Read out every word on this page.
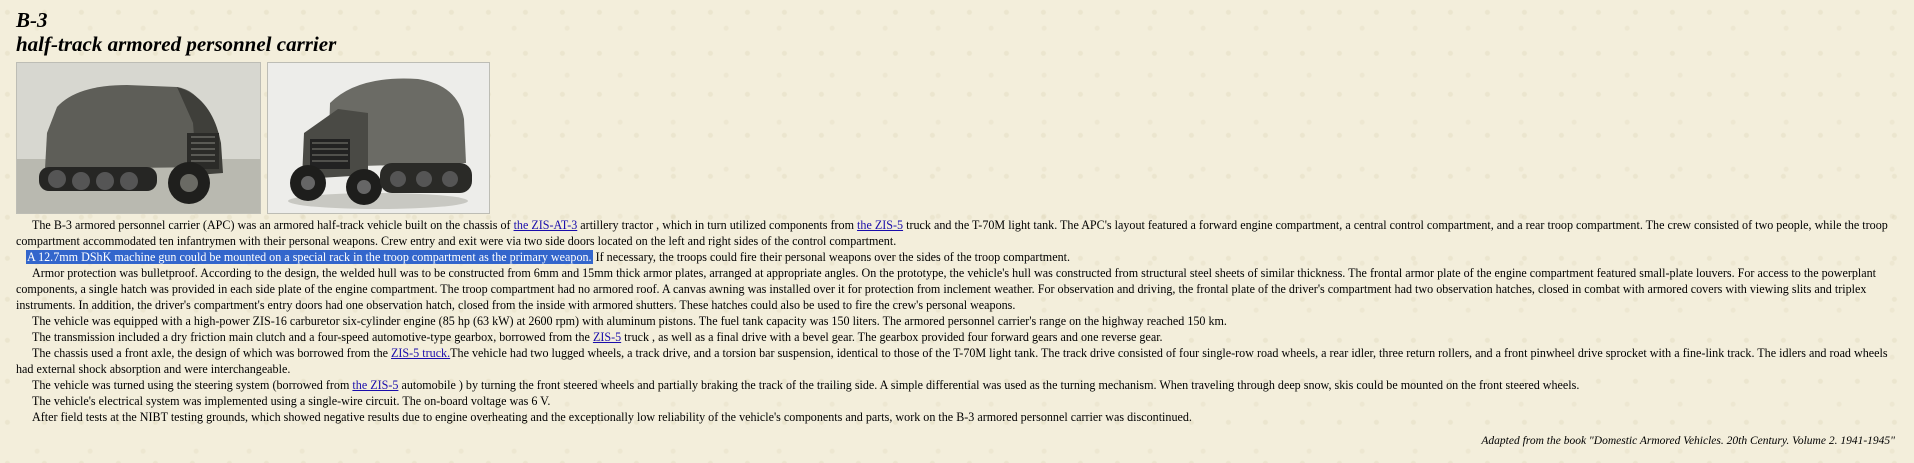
B-3
half-track armored personnel carrier

The B-3 armored personnel carrier (APC) was an armored half-track vehicle built on the chassis of the ZIS-AT-3 artillery tractor , which in turn utilized components from the ZIS-5 truck and the T-70M light tank. The APC's layout featured a forward engine compartment, a central control compartment, and a rear troop compartment. The crew consisted of two people, while the troop compartment accommodated ten infantrymen with their personal weapons. Crew entry and exit were via two side doors located on the left and right sides of the control compartment.

A 12.7mm DShK machine gun could be mounted on a special rack in the troop compartment as the primary weapon. If necessary, the troops could fire their personal weapons over the sides of the troop compartment.

Armor protection was bulletproof. According to the design, the welded hull was to be constructed from 6mm and 15mm thick armor plates, arranged at appropriate angles. On the prototype, the vehicle's hull was constructed from structural steel sheets of similar thickness. The frontal armor plate of the engine compartment featured small-plate louvers. For access to the powerplant components, a single hatch was provided in each side plate of the engine compartment. The troop compartment had no armored roof. A canvas awning was installed over it for protection from inclement weather. For observation and driving, the frontal plate of the driver's compartment had two observation hatches, closed in combat with armored covers with viewing slits and triplex instruments. In addition, the driver's compartment's entry doors had one observation hatch, closed from the inside with armored shutters. These hatches could also be used to fire the crew's personal weapons.

The vehicle was equipped with a high-power ZIS-16 carburetor six-cylinder engine (85 hp (63 kW) at 2600 rpm) with aluminum pistons. The fuel tank capacity was 150 liters. The armored personnel carrier's range on the highway reached 150 km.

The transmission included a dry friction main clutch and a four-speed automotive-type gearbox, borrowed from the ZIS-5 truck , as well as a final drive with a bevel gear. The gearbox provided four forward gears and one reverse gear.

The chassis used a front axle, the design of which was borrowed from the ZIS-5 truck.The vehicle had two lugged wheels, a track drive, and a torsion bar suspension, identical to those of the T-70M light tank. The track drive consisted of four single-row road wheels, a rear idler, three return rollers, and a front pinwheel drive sprocket with a fine-link track. The idlers and road wheels had external shock absorption and were interchangeable.

The vehicle was turned using the steering system (borrowed from the ZIS-5 automobile ) by turning the front steered wheels and partially braking the track of the trailing side. A simple differential was used as the turning mechanism. When traveling through deep snow, skis could be mounted on the front steered wheels.

The vehicle's electrical system was implemented using a single-wire circuit. The on-board voltage was 6 V.

After field tests at the NIBT testing grounds, which showed negative results due to engine overheating and the exceptionally low reliability of the vehicle's components and parts, work on the B-3 armored personnel carrier was discontinued.

Adapted from the book "Domestic Armored Vehicles. 20th Century. Volume 2. 1941-1945"
